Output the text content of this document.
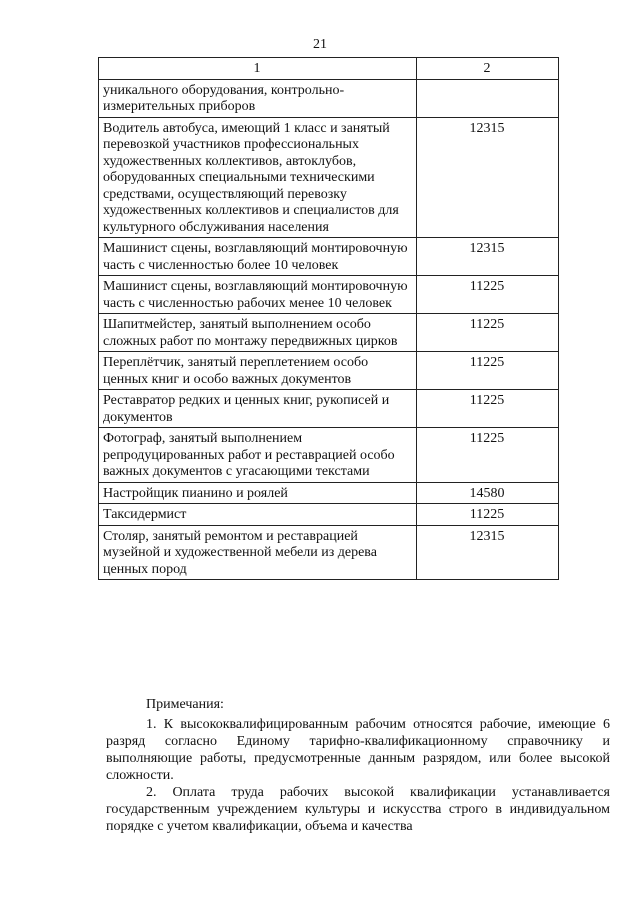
21
1	2
уникального оборудования, контрольно-измерительных приборов	
Водитель автобуса, имеющий 1 класс и занятый перевозкой участников профессиональных художественных коллективов, автоклубов, оборудованных специальными техническими средствами, осуществляющий перевозку художественных коллективов и специалистов для культурного обслуживания населения	12315
Машинист сцены, возглавляющий монтировочную часть с численностью более 10 человек	12315
Машинист сцены, возглавляющий монтировочную часть с численностью рабочих менее 10 человек	11225
Шапитмейстер, занятый выполнением особо сложных работ по монтажу передвижных цирков	11225
Переплётчик, занятый переплетением особо ценных книг и особо важных документов	11225
Реставратор редких и ценных книг, рукописей и документов	11225
Фотограф, занятый выполнением репродуцированных работ и реставрацией особо важных документов с угасающими текстами	11225
Настройщик пианино и роялей	14580
Таксидермист	11225
Столяр, занятый ремонтом и реставрацией музейной и художественной мебели из дерева ценных пород	12315

Примечания:

1. К высококвалифицированным рабочим относятся рабочие, имеющие 6 разряд согласно Единому тарифно-квалификационному справочнику и выполняющие работы, предусмотренные данным разрядом, или более высокой сложности.

2. Оплата труда рабочих высокой квалификации устанавливается государственным учреждением культуры и искусства строго в индивидуальном порядке с учетом квалификации, объема и качества
